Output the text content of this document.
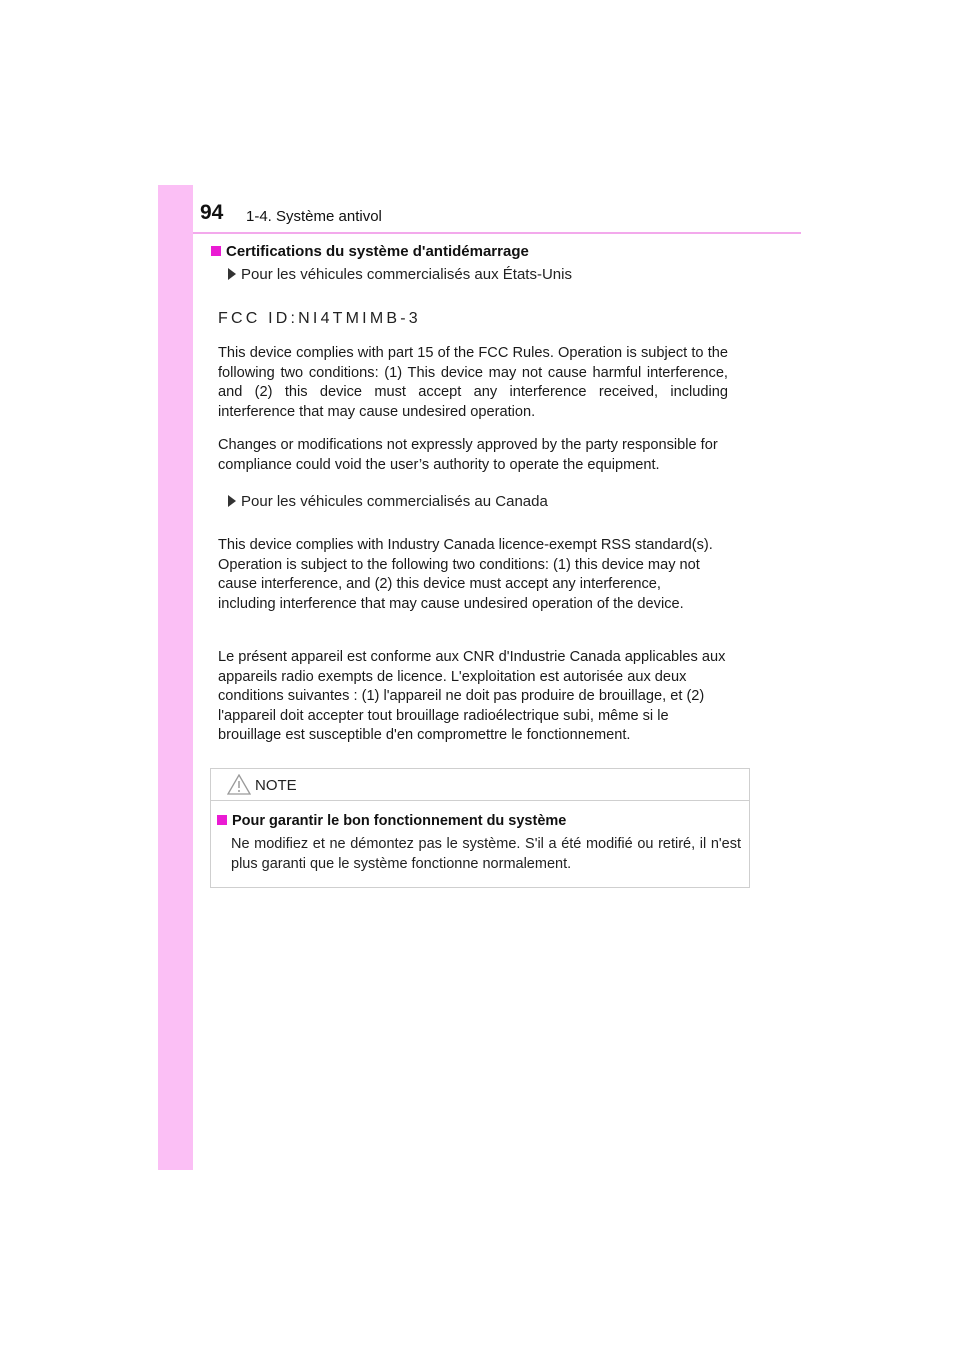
94 1-4. Système antivol
Certifications du système d'antidémarrage
Pour les véhicules commercialisés aux États-Unis
FCC ID:NI4TMIMB-3
This device complies with part 15 of the FCC Rules. Operation is subject to the following two conditions: (1) This device may not cause harmful interference, and (2) this device must accept any interference received, including interference that may cause undesired operation.
Changes or modifications not expressly approved by the party responsible for compliance could void the user’s authority to operate the equipment.
Pour les véhicules commercialisés au Canada
This device complies with Industry Canada licence-exempt RSS standard(s). Operation is subject to the following two conditions: (1) this device may not cause interference, and (2) this device must accept any interference, including interference that may cause undesired operation of the device.
Le présent appareil est conforme aux CNR d'Industrie Canada applicables aux appareils radio exempts de licence. L'exploitation est autorisée aux deux conditions suivantes : (1) l'appareil ne doit pas produire de brouillage, et (2) l'appareil doit accepter tout brouillage radioélectrique subi, même si le brouillage est susceptible d'en compromettre le fonctionnement.
NOTE
Pour garantir le bon fonctionnement du système
Ne modifiez et ne démontez pas le système. S'il a été modifié ou retiré, il n'est plus garanti que le système fonctionne normalement.
